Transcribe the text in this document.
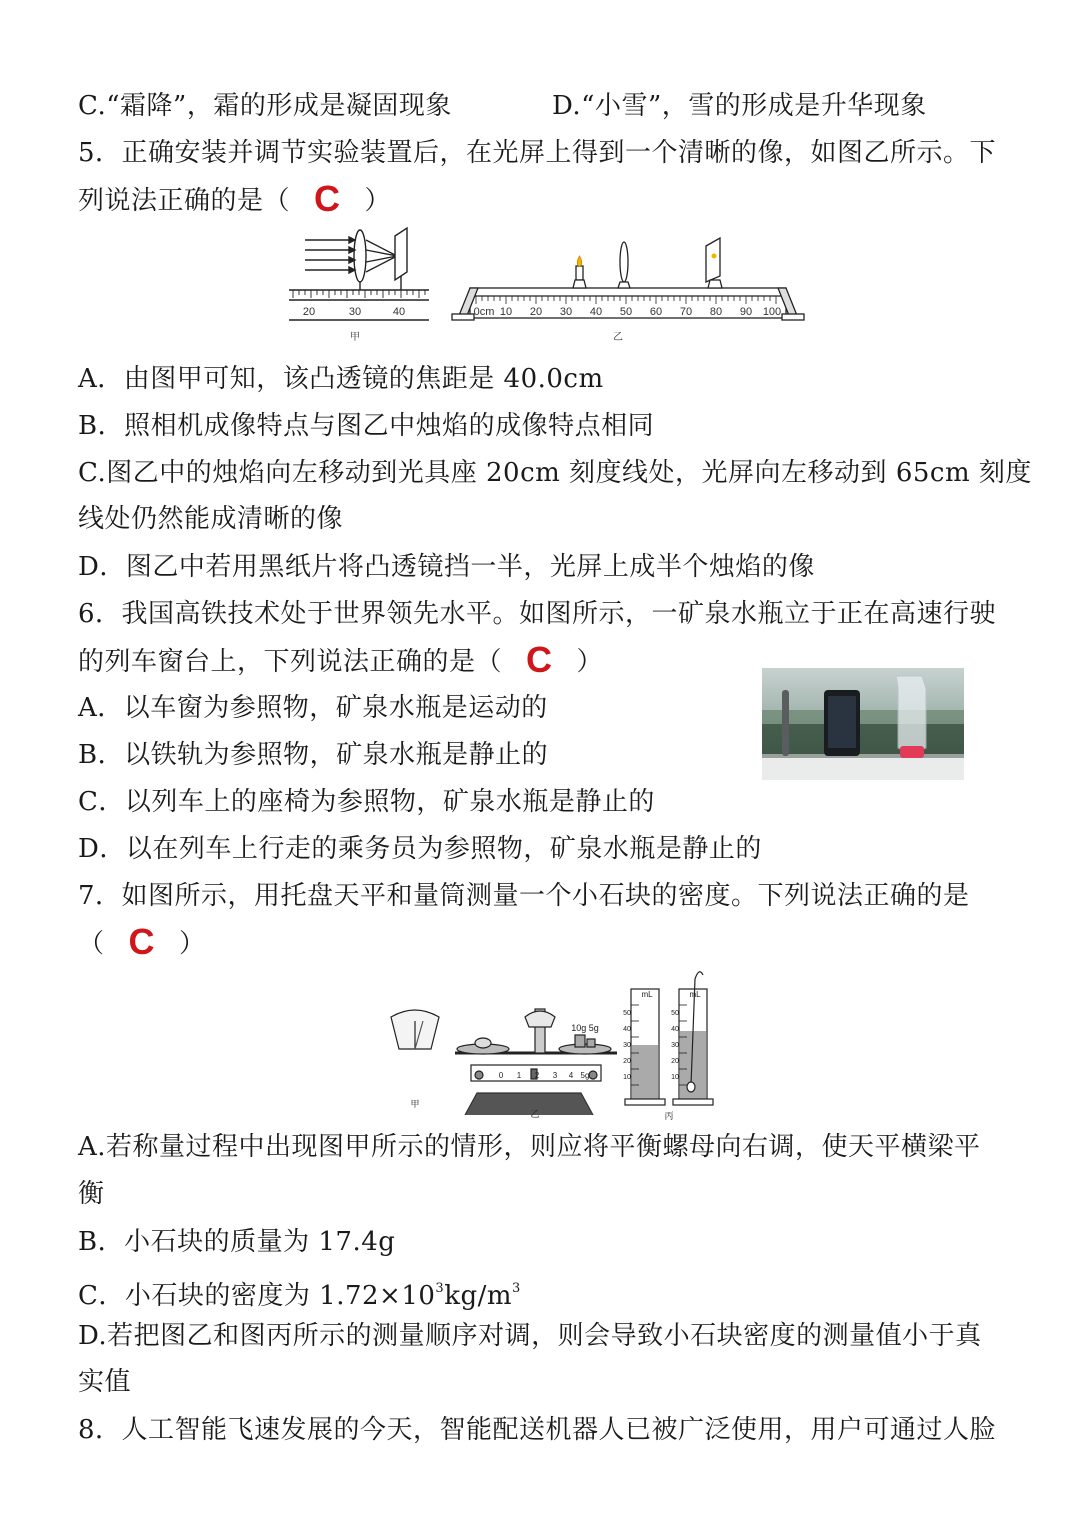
C.“霜降”，霜的形成是凝固现象	D.“小雪”，雪的形成是升华现象
5．正确安装并调节实验装置后，在光屏上得到一个清晰的像，如图乙所示。下
列说法正确的是（ C ）
20	30	40
甲
0cm 10 20 30 40 50 60 70 80 90 100
乙
A．由图甲可知，该凸透镜的焦距是 40.0cm
B．照相机成像特点与图乙中烛焰的成像特点相同
C.图乙中的烛焰向左移动到光具座 20cm 刻度线处，光屏向左移动到 65cm 刻度
线处仍然能成清晰的像
D．图乙中若用黑纸片将凸透镜挡一半，光屏上成半个烛焰的像
6．我国高铁技术处于世界领先水平。如图所示，一矿泉水瓶立于正在高速行驶
的列车窗台上，下列说法正确的是（ C ）
A．以车窗为参照物，矿泉水瓶是运动的
B．以铁轨为参照物，矿泉水瓶是静止的
C．以列车上的座椅为参照物，矿泉水瓶是静止的
D．以在列车上行走的乘务员为参照物，矿泉水瓶是静止的
7．如图所示，用托盘天平和量筒测量一个小石块的密度。下列说法正确的是
（ C ）
甲
乙	丙
10g 5g
0 1 2 3 4 5g
mL	mL
50
40
30
20
10
50
40
30
20
10
A.若称量过程中出现图甲所示的情形，则应将平衡螺母向右调，使天平横梁平
衡
B．小石块的质量为 17.4g
C．小石块的密度为 $1.72\times 10^3kg/m^3$
D.若把图乙和图丙所示的测量顺序对调，则会导致小石块密度的测量值小于真
实值
8．人工智能飞速发展的今天，智能配送机器人已被广泛使用，用户可通过人脸
